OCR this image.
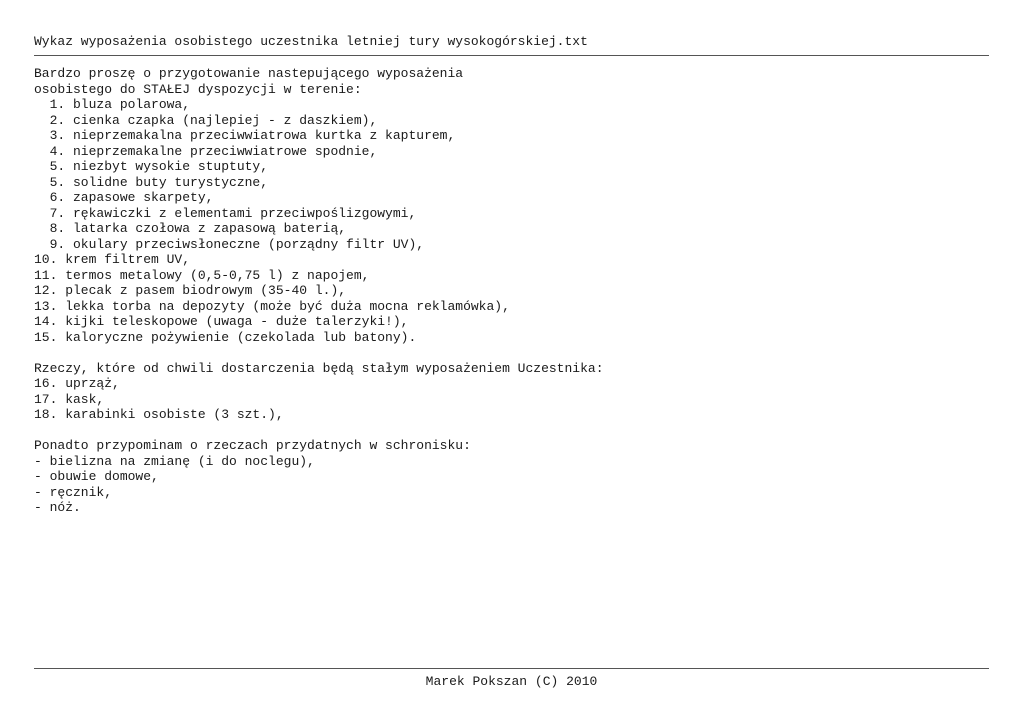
Wykaz wyposażenia osobistego uczestnika letniej tury wysokogórskiej.txt
Bardzo proszę o przygotowanie nastepującego wyposażenia
osobistego do STAŁEJ dyspozycji w terenie:
1. bluza polarowa,
2. cienka czapka (najlepiej - z daszkiem),
3. nieprzemakalna przeciwwiatrowa kurtka z kapturem,
4. nieprzemakalne przeciwwiatrowe spodnie,
5. niezbyt wysokie stuptuty,
5. solidne buty turystyczne,
6. zapasowe skarpety,
7. rękawiczki z elementami przeciwpoślizgowymi,
8. latarka czołowa z zapasową baterią,
9. okulary przeciwsłoneczne (porządny filtr UV),
10. krem filtrem UV,
11. termos metalowy (0,5-0,75 l) z napojem,
12. plecak z pasem biodrowym (35-40 l.),
13. lekka torba na depozyty (może być duża mocna reklamówka),
14. kijki teleskopowe (uwaga - duże talerzyki!),
15. kaloryczne pożywienie (czekolada lub batony).
Rzeczy, które od chwili dostarczenia będą stałym wyposażeniem Uczestnika:
16. uprząż,
17. kask,
18. karabinki osobiste (3 szt.),
Ponadto przypominam o rzeczach przydatnych w schronisku:
- bielizna na zmianę (i do noclegu),
- obuwie domowe,
- ręcznik,
- nóż.
Marek Pokszan (C) 2010
